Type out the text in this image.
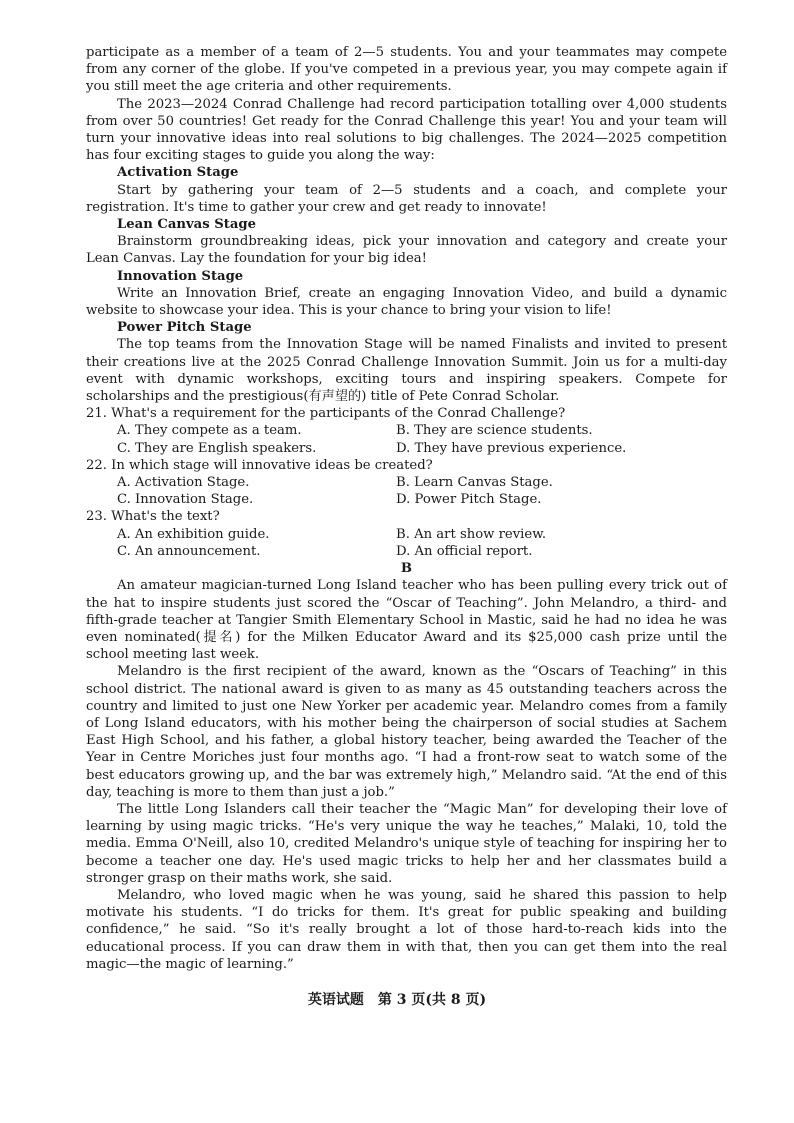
participate as a member of a team of 2—5 students. You and your teammates may compete from any corner of the globe. If you've competed in a previous year, you may compete again if you still meet the age criteria and other requirements.

The 2023—2024 Conrad Challenge had record participation totalling over 4,000 students from over 50 countries! Get ready for the Conrad Challenge this year! You and your team will turn your innovative ideas into real solutions to big challenges. The 2024—2025 competition has four exciting stages to guide you along the way:

Activation Stage

Start by gathering your team of 2—5 students and a coach, and complete your registration. It's time to gather your crew and get ready to innovate!

Lean Canvas Stage

Brainstorm groundbreaking ideas, pick your innovation and category and create your Lean Canvas. Lay the foundation for your big idea!

Innovation Stage

Write an Innovation Brief, create an engaging Innovation Video, and build a dynamic website to showcase your idea. This is your chance to bring your vision to life!

Power Pitch Stage

The top teams from the Innovation Stage will be named Finalists and invited to present their creations live at the 2025 Conrad Challenge Innovation Summit. Join us for a multi-day event with dynamic workshops, exciting tours and inspiring speakers. Compete for scholarships and the prestigious(有声望的) title of Pete Conrad Scholar.

21. What's a requirement for the participants of the Conrad Challenge?

A. They compete as a team.	B. They are science students.
C. They are English speakers.	D. They have previous experience.

22. In which stage will innovative ideas be created?

A. Activation Stage.	B. Learn Canvas Stage.
C. Innovation Stage.	D. Power Pitch Stage.

23. What's the text?

A. An exhibition guide.	B. An art show review.
C. An announcement.	D. An official report.

B

An amateur magician-turned Long Island teacher who has been pulling every trick out of the hat to inspire students just scored the “Oscar of Teaching”. John Melandro, a third- and fifth-grade teacher at Tangier Smith Elementary School in Mastic, said he had no idea he was even nominated(提名) for the Milken Educator Award and its $25,000 cash prize until the school meeting last week.

Melandro is the first recipient of the award, known as the “Oscars of Teaching” in this school district. The national award is given to as many as 45 outstanding teachers across the country and limited to just one New Yorker per academic year. Melandro comes from a family of Long Island educators, with his mother being the chairperson of social studies at Sachem East High School, and his father, a global history teacher, being awarded the Teacher of the Year in Centre Moriches just four months ago. “I had a front-row seat to watch some of the best educators growing up, and the bar was extremely high,” Melandro said. “At the end of this day, teaching is more to them than just a job.”

The little Long Islanders call their teacher the “Magic Man” for developing their love of learning by using magic tricks. “He's very unique the way he teaches,” Malaki, 10, told the media. Emma O'Neill, also 10, credited Melandro's unique style of teaching for inspiring her to become a teacher one day. He's used magic tricks to help her and her classmates build a stronger grasp on their maths work, she said.

Melandro, who loved magic when he was young, said he shared this passion to help motivate his students. “I do tricks for them. It's great for public speaking and building confidence,” he said. “So it's really brought a lot of those hard-to-reach kids into the educational process. If you can draw them in with that, then you can get them into the real magic—the magic of learning.”

英语试题　第 3 页(共 8 页)
